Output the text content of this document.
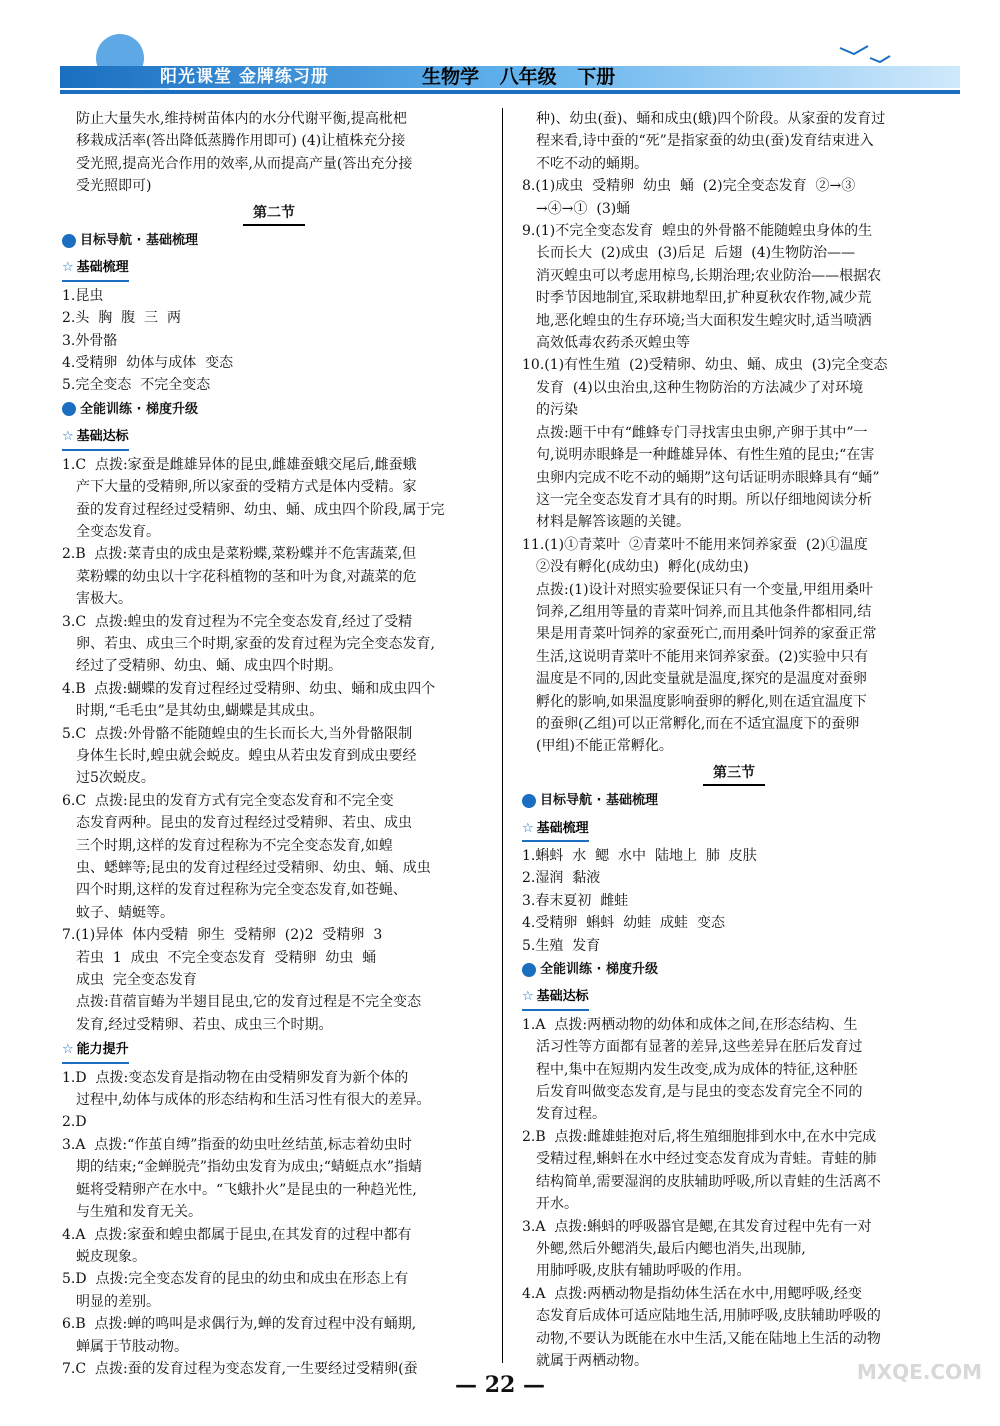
阳光课堂 金牌练习册	生物学 八年级 下册

防止大量失水,维持树苗体内的水分代谢平衡,提高枇杷

移栽成活率(答出降低蒸腾作用即可) (4)让植株充分接

受光照,提高光合作用的效率,从而提高产量(答出充分接

受光照即可)

第二节
目标导航 · 基础梳理
☆ 基础梳理

1.昆虫

2.头  胸  腹  三  两

3.外骨骼

4.受精卵  幼体与成体  变态

5.完全变态  不完全变态

全能训练 · 梯度升级
☆ 基础达标

1.C  点拨:家蚕是雌雄异体的昆虫,雌雄蚕蛾交尾后,雌蚕蛾

产下大量的受精卵,所以家蚕的受精方式是体内受精。家

蚕的发育过程经过受精卵、幼虫、蛹、成虫四个阶段,属于完

全变态发育。

2.B  点拨:菜青虫的成虫是菜粉蝶,菜粉蝶并不危害蔬菜,但

菜粉蝶的幼虫以十字花科植物的茎和叶为食,对蔬菜的危

害极大。

3.C  点拨:蝗虫的发育过程为不完全变态发育,经过了受精

卵、若虫、成虫三个时期,家蚕的发育过程为完全变态发育,

经过了受精卵、幼虫、蛹、成虫四个时期。

4.B  点拨:蝴蝶的发育过程经过受精卵、幼虫、蛹和成虫四个

时期,“毛毛虫”是其幼虫,蝴蝶是其成虫。

5.C  点拨:外骨骼不能随蝗虫的生长而长大,当外骨骼限制

身体生长时,蝗虫就会蜕皮。蝗虫从若虫发育到成虫要经

过5次蜕皮。

6.C  点拨:昆虫的发育方式有完全变态发育和不完全变

态发育两种。昆虫的发育过程经过受精卵、若虫、成虫

三个时期,这样的发育过程称为不完全变态发育,如蝗

虫、蟋蟀等;昆虫的发育过程经过受精卵、幼虫、蛹、成虫

四个时期,这样的发育过程称为完全变态发育,如苍蝇、

蚊子、蜻蜓等。

7.(1)异体  体内受精  卵生  受精卵  (2)2  受精卵  3

若虫  1  成虫  不完全变态发育  受精卵  幼虫  蛹

成虫  完全变态发育

点拨:苜蓿盲蝽为半翅目昆虫,它的发育过程是不完全变态

发育,经过受精卵、若虫、成虫三个时期。

☆ 能力提升

1.D  点拨:变态发育是指动物在由受精卵发育为新个体的

过程中,幼体与成体的形态结构和生活习性有很大的差异。

2.D

3.A  点拨:“作茧自缚”指蚕的幼虫吐丝结茧,标志着幼虫时

期的结束;“金蝉脱壳”指幼虫发育为成虫;“蜻蜓点水”指蜻

蜓将受精卵产在水中。“飞蛾扑火”是昆虫的一种趋光性,

与生殖和发育无关。

4.A  点拨:家蚕和蝗虫都属于昆虫,在其发育的过程中都有

蜕皮现象。

5.D  点拨:完全变态发育的昆虫的幼虫和成虫在形态上有

明显的差别。

6.B  点拨:蝉的鸣叫是求偶行为,蝉的发育过程中没有蛹期,

蝉属于节肢动物。

7.C  点拨:蚕的发育过程为变态发育,一生要经过受精卵(蚕

种)、幼虫(蚕)、蛹和成虫(蛾)四个阶段。从家蚕的发育过

程来看,诗中蚕的“死”是指家蚕的幼虫(蚕)发育结束进入

不吃不动的蛹期。

8.(1)成虫  受精卵  幼虫  蛹  (2)完全变态发育  ②→③

→④→①  (3)蛹

9.(1)不完全变态发育  蝗虫的外骨骼不能随蝗虫身体的生

长而长大  (2)成虫  (3)后足  后翅  (4)生物防治——

消灭蝗虫可以考虑用椋鸟,长期治理;农业防治——根据农

时季节因地制宜,采取耕地犁田,扩种夏秋农作物,减少荒

地,恶化蝗虫的生存环境;当大面积发生蝗灾时,适当喷洒

高效低毒农药杀灭蝗虫等

10.(1)有性生殖  (2)受精卵、幼虫、蛹、成虫  (3)完全变态

发育  (4)以虫治虫,这种生物防治的方法减少了对环境

的污染

点拨:题干中有“雌蜂专门寻找害虫虫卵,产卵于其中”一

句,说明赤眼蜂是一种雌雄异体、有性生殖的昆虫;“在害

虫卵内完成不吃不动的蛹期”这句话证明赤眼蜂具有“蛹”

这一完全变态发育才具有的时期。所以仔细地阅读分析

材料是解答该题的关键。

11.(1)①青菜叶  ②青菜叶不能用来饲养家蚕  (2)①温度

②没有孵化(成幼虫)  孵化(成幼虫)

点拨:(1)设计对照实验要保证只有一个变量,甲组用桑叶

饲养,乙组用等量的青菜叶饲养,而且其他条件都相同,结

果是用青菜叶饲养的家蚕死亡,而用桑叶饲养的家蚕正常

生活,这说明青菜叶不能用来饲养家蚕。(2)实验中只有

温度是不同的,因此变量就是温度,探究的是温度对蚕卵

孵化的影响,如果温度影响蚕卵的孵化,则在适宜温度下

的蚕卵(乙组)可以正常孵化,而在不适宜温度下的蚕卵

(甲组)不能正常孵化。

第三节
目标导航 · 基础梳理
☆ 基础梳理

1.蝌蚪  水  鳃  水中  陆地上  肺  皮肤

2.湿润  黏液

3.春末夏初  雌蛙

4.受精卵  蝌蚪  幼蛙  成蛙  变态

5.生殖  发育

全能训练 · 梯度升级
☆ 基础达标

1.A  点拨:两栖动物的幼体和成体之间,在形态结构、生

活习性等方面都有显著的差异,这些差异在胚后发育过

程中,集中在短期内发生改变,成为成体的特征,这种胚

后发育叫做变态发育,是与昆虫的变态发育完全不同的

发育过程。

2.B  点拨:雌雄蛙抱对后,将生殖细胞排到水中,在水中完成

受精过程,蝌蚪在水中经过变态发育成为青蛙。青蛙的肺

结构简单,需要湿润的皮肤辅助呼吸,所以青蛙的生活离不

开水。

3.A  点拨:蝌蚪的呼吸器官是鳃,在其发育过程中先有一对

外鳃,然后外鳃消失,最后内鳃也消失,出现肺,

用肺呼吸,皮肤有辅助呼吸的作用。

4.A  点拨:两栖动物是指幼体生活在水中,用鳃呼吸,经变

态发育后成体可适应陆地生活,用肺呼吸,皮肤辅助呼吸的

动物,不要认为既能在水中生活,又能在陆地上生活的动物

就属于两栖动物。

— 22 —	MXQE.COM
